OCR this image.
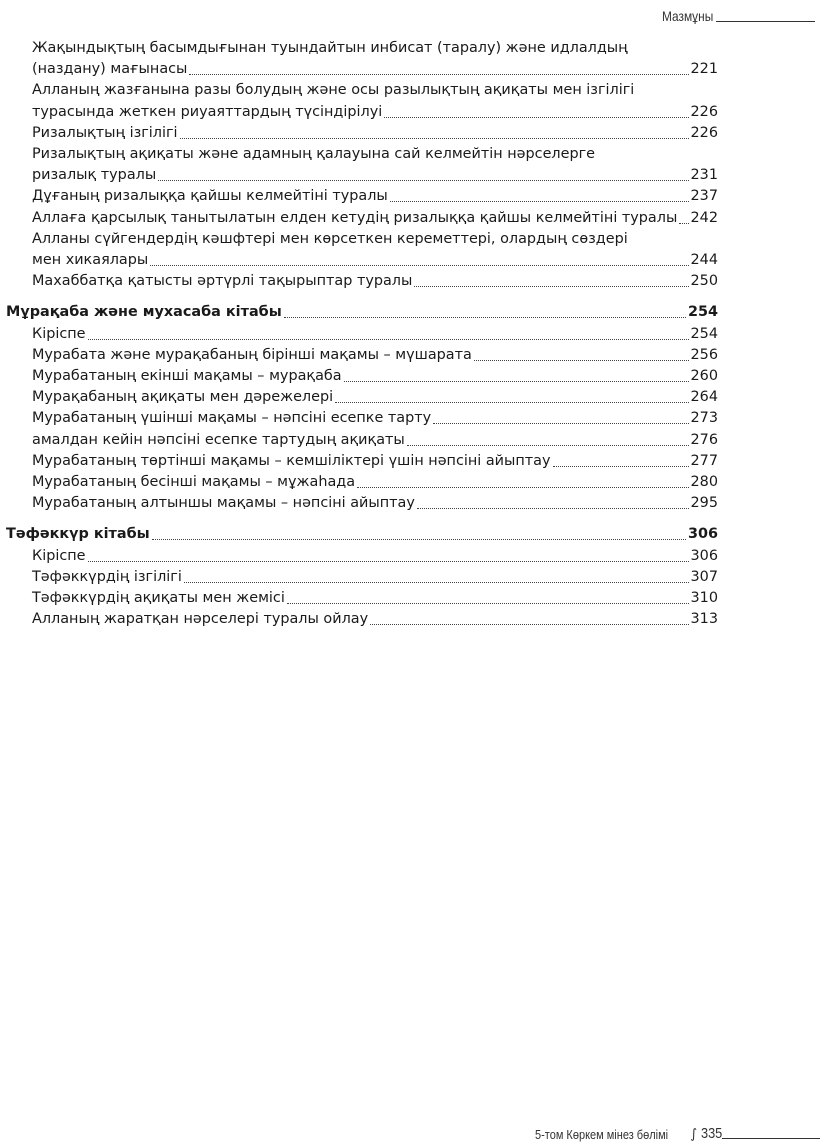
Мазмұны
Жақындықтың басымдығынан туындайтын инбисат (таралу) және идлалдың
(наздану) мағынасы	221
Алланың жазғанына разы болудың және осы разылықтың ақиқаты мен ізгілігі
турасында жеткен риуаяттардың түсіндірілуі	226
Ризалықтың ізгілігі	226
Ризалықтың ақиқаты және адамның қалауына сай келмейтін нәрселерге
ризалық туралы	231
Дұғаның ризалыққа қайшы келмейтіні туралы	237
Аллаға қарсылық танытылатын елден кетудің ризалыққа қайшы келмейтіні туралы 242
Алланы сүйгендердің кәшфтері мен көрсеткен кереметтері, олардың сөздері
мен хикаялары	244
Махаббатқа қатысты әртүрлі тақырыптар туралы	250
Мұрақаба және мухасаба кітабы	254
Кіріспе	254
Мурабата және мурақабаның бірінші мақамы – мүшарата	256
Мурабатаның екінші мақамы – мурақаба	260
Мурақабаның ақиқаты мен дәрежелері	264
Мурабатаның үшінші мақамы – нәпсіні есепке тарту	273
амалдан кейін нәпсіні есепке тартудың ақиқаты	276
Мурабатаның төртінші мақамы – кемшіліктері үшін нәпсіні айыптау	277
Мурабатаның бесінші мақамы – мұжаһада	280
Мурабатаның алтыншы мақамы – нәпсіні айыптау	295
Тәфәккүр кітабы	306
Кіріспе	306
Тәфәккүрдің ізгілігі	307
Тәфәккүрдің ақиқаты мен жемісі	310
Алланың жаратқан нәрселері туралы ойлау	313
5-том Көркем мінез бөлімі ∫ 335
